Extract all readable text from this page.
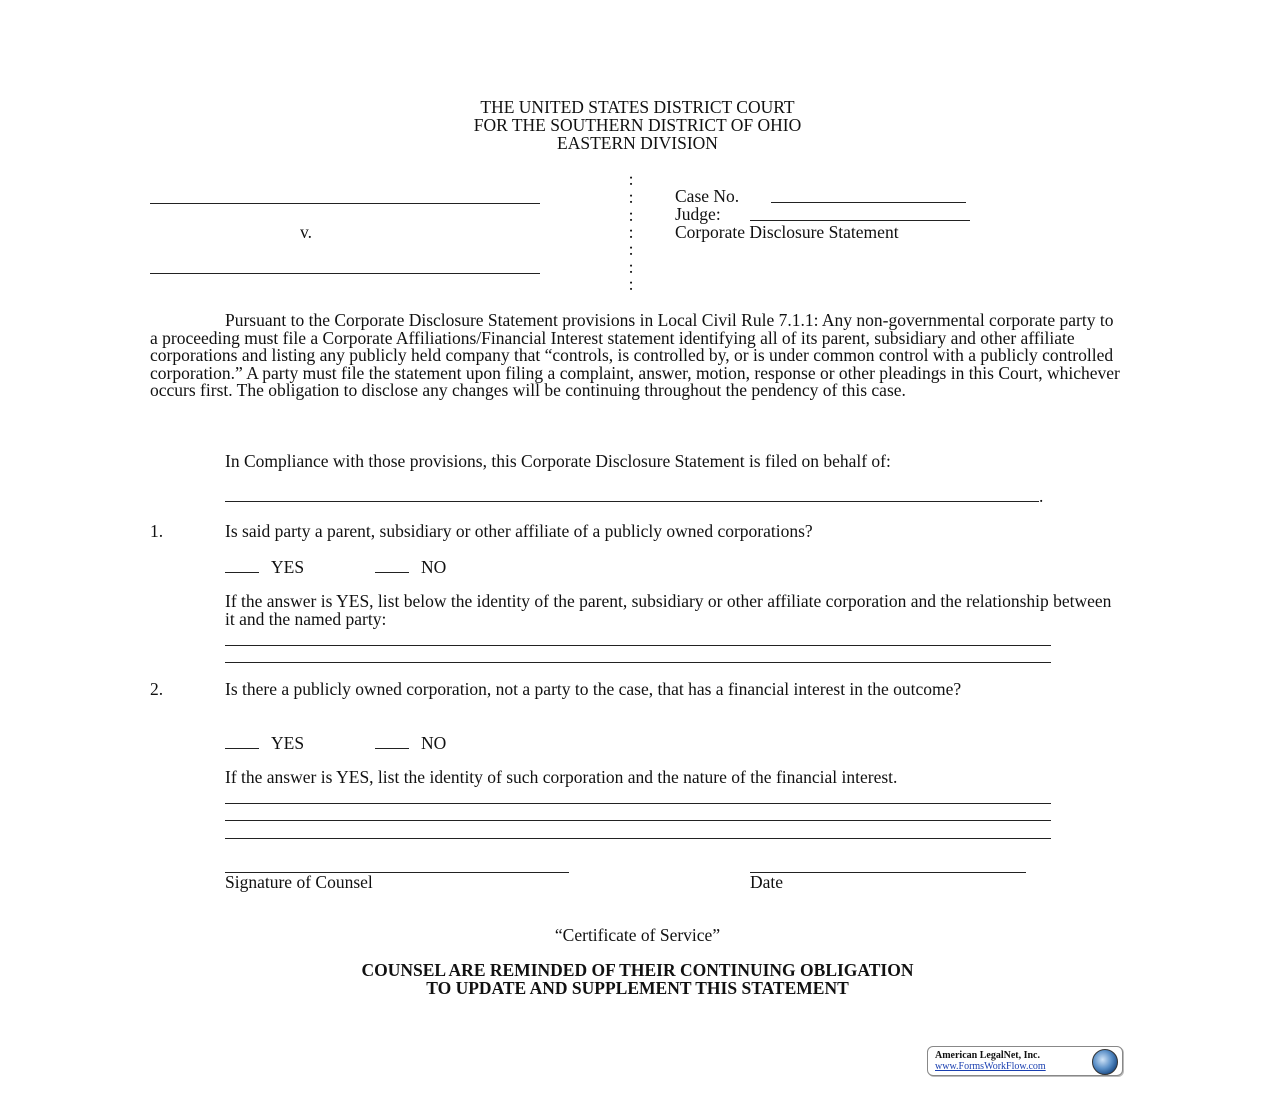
THE UNITED STATES DISTRICT COURT
FOR THE SOUTHERN DISTRICT OF OHIO
EASTERN DIVISION
v.
:
:
:
:
:
:
:
Case No.
Judge:
Corporate Disclosure Statement
Pursuant to the Corporate Disclosure Statement provisions in Local Civil Rule 7.1.1: Any non-governmental corporate party to a proceeding must file a Corporate Affiliations/Financial Interest statement identifying all of its parent, subsidiary and other affiliate corporations and listing any publicly held company that “controls, is controlled by, or is under common control with a publicly controlled corporation.” A party must file the statement upon filing a complaint, answer, motion, response or other pleadings in this Court, whichever occurs first. The obligation to disclose any changes will be continuing throughout the pendency of this case.
In Compliance with those provisions, this Corporate Disclosure Statement is filed on behalf of:
.
1.	Is said party a parent, subsidiary or other affiliate of a publicly owned corporations?
YES	NO
If the answer is YES, list below the identity of the parent, subsidiary or other affiliate corporation and the relationship between it and the named party:
2.	Is there a publicly owned corporation, not a party to the case, that has a financial interest in the outcome?
YES	NO
If the answer is YES, list the identity of such corporation and the nature of the financial interest.
Signature of Counsel	Date
“Certificate of Service”
COUNSEL ARE REMINDED OF THEIR CONTINUING OBLIGATION
TO UPDATE AND SUPPLEMENT THIS STATEMENT
American LegalNet, Inc.
www.FormsWorkFlow.com
